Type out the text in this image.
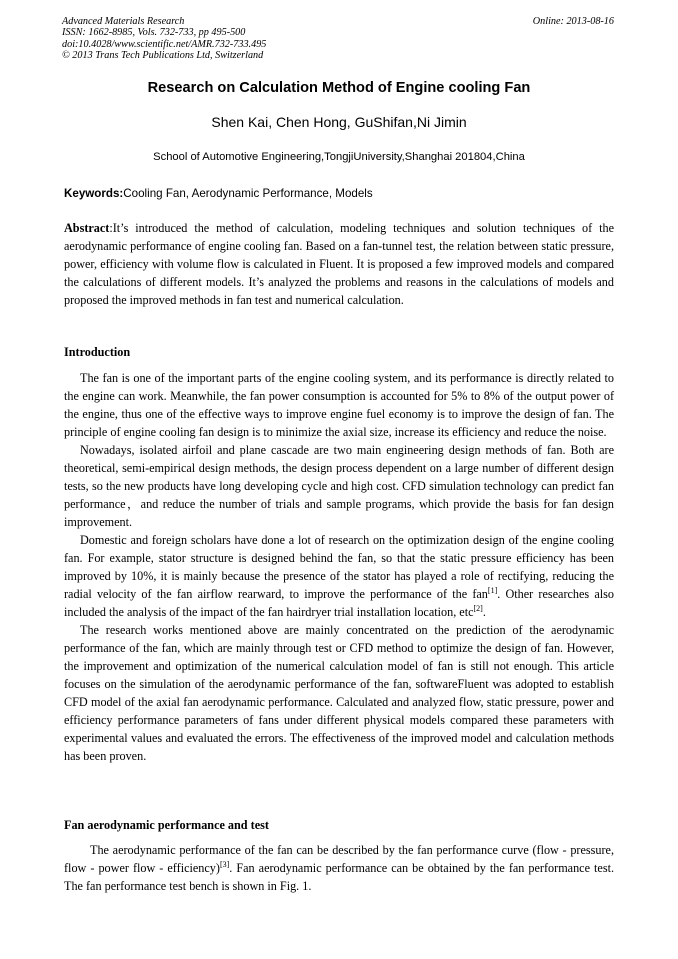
Advanced Materials Research
ISSN: 1662-8985, Vols. 732-733, pp 495-500
doi:10.4028/www.scientific.net/AMR.732-733.495
© 2013 Trans Tech Publications Ltd, Switzerland
Online: 2013-08-16
Research on Calculation Method of Engine cooling Fan
Shen Kai, Chen Hong, GuShifan,Ni Jimin
School of Automotive Engineering,TongjiUniversity,Shanghai 201804,China
Keywords:Cooling Fan, Aerodynamic Performance, Models

Abstract:It’s introduced the method of calculation, modeling techniques and solution techniques of the aerodynamic performance of engine cooling fan. Based on a fan-tunnel test, the relation between static pressure, power, efficiency with volume flow is calculated in Fluent. It is proposed a few improved models and compared the calculations of different models. It’s analyzed the problems and reasons in the calculations of models and proposed the improved methods in fan test and numerical calculation.

Introduction

The fan is one of the important parts of the engine cooling system, and its performance is directly related to the engine can work. Meanwhile, the fan power consumption is accounted for 5% to 8% of the output power of the engine, thus one of the effective ways to improve engine fuel economy is to improve the design of fan. The principle of engine cooling fan design is to minimize the axial size, increase its efficiency and reduce the noise.

Nowadays, isolated airfoil and plane cascade are two main engineering design methods of fan. Both are theoretical, semi-empirical design methods, the design process dependent on a large number of different design tests, so the new products have long developing cycle and high cost. CFD simulation technology can predict fan performance，and reduce the number of trials and sample programs, which provide the basis for fan design improvement.

Domestic and foreign scholars have done a lot of research on the optimization design of the engine cooling fan. For example, stator structure is designed behind the fan, so that the static pressure efficiency has been improved by 10%, it is mainly because the presence of the stator has played a role of rectifying, reducing the radial velocity of the fan airflow rearward, to improve the performance of the fan[1]. Other researches also included the analysis of the impact of the fan hairdryer trial installation location, etc[2].

The research works mentioned above are mainly concentrated on the prediction of the aerodynamic performance of the fan, which are mainly through test or CFD method to optimize the design of fan. However, the improvement and optimization of the numerical calculation model of fan is still not enough. This article focuses on the simulation of the aerodynamic performance of the fan, softwareFluent was adopted to establish CFD model of the axial fan aerodynamic performance. Calculated and analyzed flow, static pressure, power and efficiency performance parameters of fans under different physical models compared these parameters with experimental values and evaluated the errors. The effectiveness of the improved model and calculation methods has been proven.

Fan aerodynamic performance and test

The aerodynamic performance of the fan can be described by the fan performance curve (flow - pressure, flow - power flow - efficiency)[3]. Fan aerodynamic performance can be obtained by the fan performance test. The fan performance test bench is shown in Fig. 1.
